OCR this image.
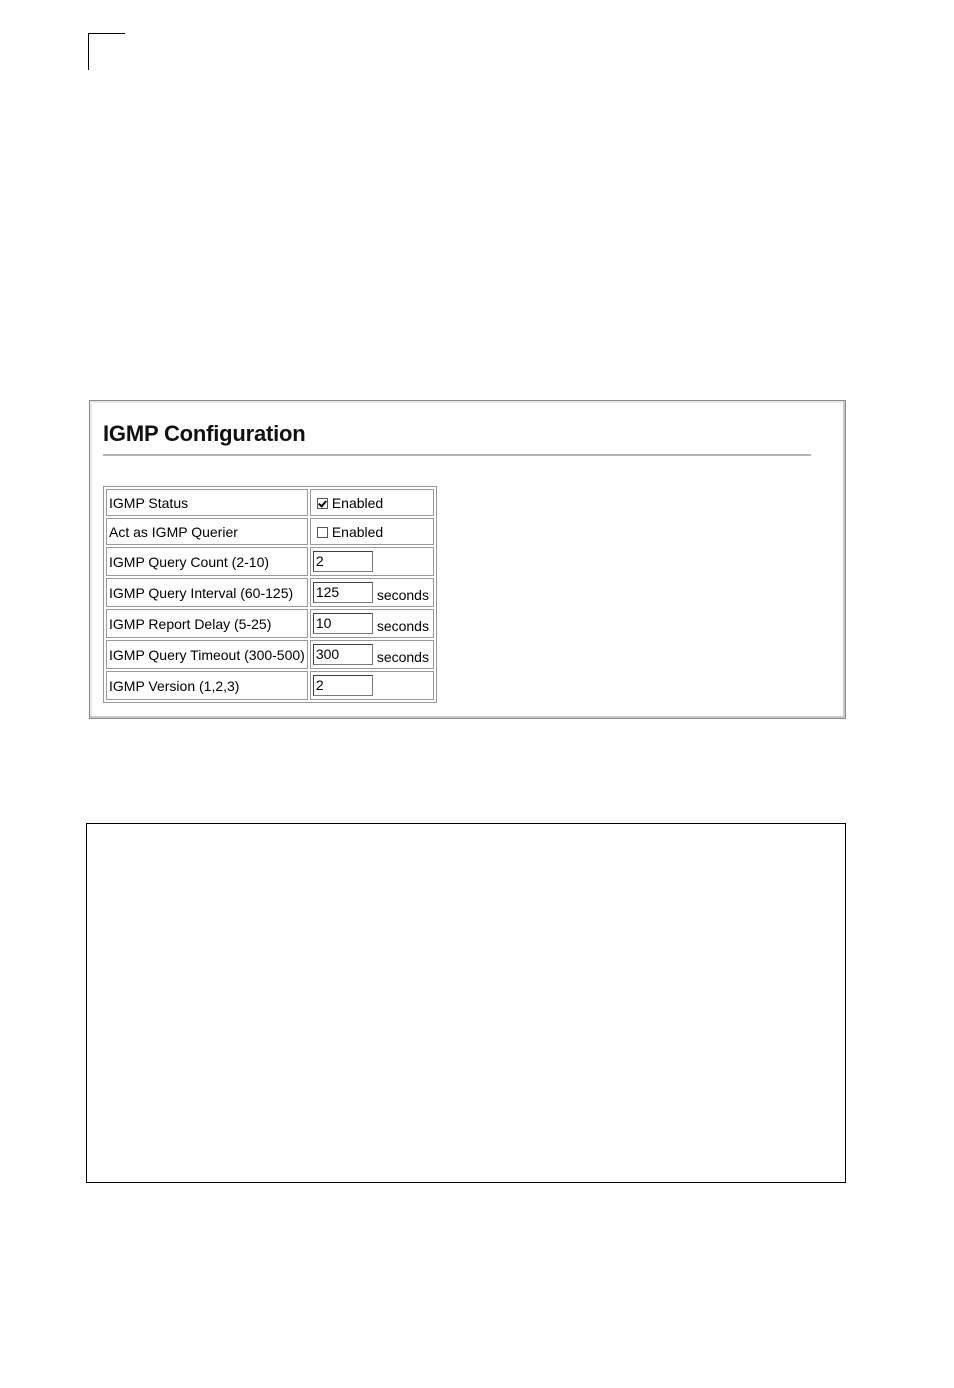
IGMP Configuration
IGMP Status	Enabled
Act as IGMP Querier	Enabled
IGMP Query Count (2-10)	2
IGMP Query Interval (60-125)	125 seconds
IGMP Report Delay (5-25)	10 seconds
IGMP Query Timeout (300-500)	300 seconds
IGMP Version (1,2,3)	2
